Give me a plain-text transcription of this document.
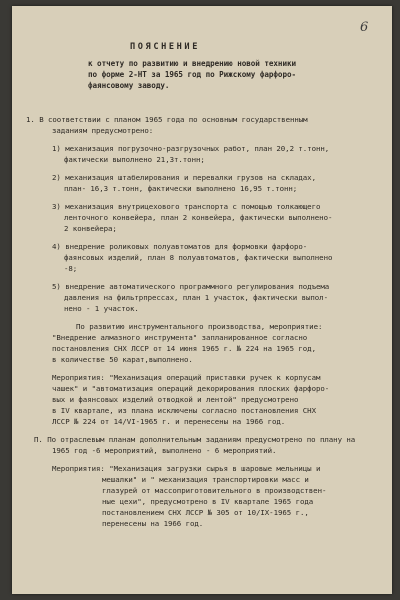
6
ПОЯСНЕНИЕ
к отчету по развитию и внедрению новой техники
по форме 2-НТ за 1965 год по Рижскому фарфоро-
фаянсовому заводу.
1. В соответствии с планом 1965 года по основным государственным
заданиям предусмотрено:
1) механизация погрузочно-разгрузочных работ, план 20,2 т.тонн,
фактически выполнено 21,3т.тонн;
2) механизация штабелирования и перевалки грузов на складах,
план- 16,3 т.тонн, фактически выполнено 16,95 т.тонн;
3) механизация внутрицехового транспорта с помощью толкающего
ленточного конвейера, план 2 конвейера, фактически выполнено-
2 конвейера;
4) внедрение роликовых полуавтоматов для формовки фарфоро-
фаянсовых изделий, план 8 полуавтоматов, фактически выполнено
-8;
5) внедрение автоматического программного регулирования подъема
давления на фильтрпрессах, план 1 участок, фактически выпол-
нено - 1 участок.
По развитию инструментального производства, мероприятие:
"Внедрение алмазного инструмента" запланированное согласно
постановления СНХ ЛССР от 14 июня 1965 г. № 224 на 1965 год,
в количестве 50 карат,выполнено.
Мероприятия: "Механизация операций приставки ручек к корпусам
чашек" и "автоматизация операций декорирования плоских фарфоро-
вых и фаянсовых изделий отводкой и лентой" предусмотрено
в IV квартале, из плана исключены согласно постановления СНХ
ЛССР № 224 от 14/VI-1965 г. и перенесены на 1966 год.
П. По отраслевым планам дополнительным заданиям предусмотрено по плану на
1965 год -6 мероприятий, выполнено - 6 мероприятий.
Мероприятия: "Механизация загрузки сырья в шаровые мельницы и
мешалки" и " механизация транспортировки масс и
глазурей от массоприготовительного в производствен-
ные цехи", предусмотрено в IV квартале 1965 года
постановлением СНХ ЛССР № 305 от 10/IX-1965 г.,
перенесены на 1966 год.
